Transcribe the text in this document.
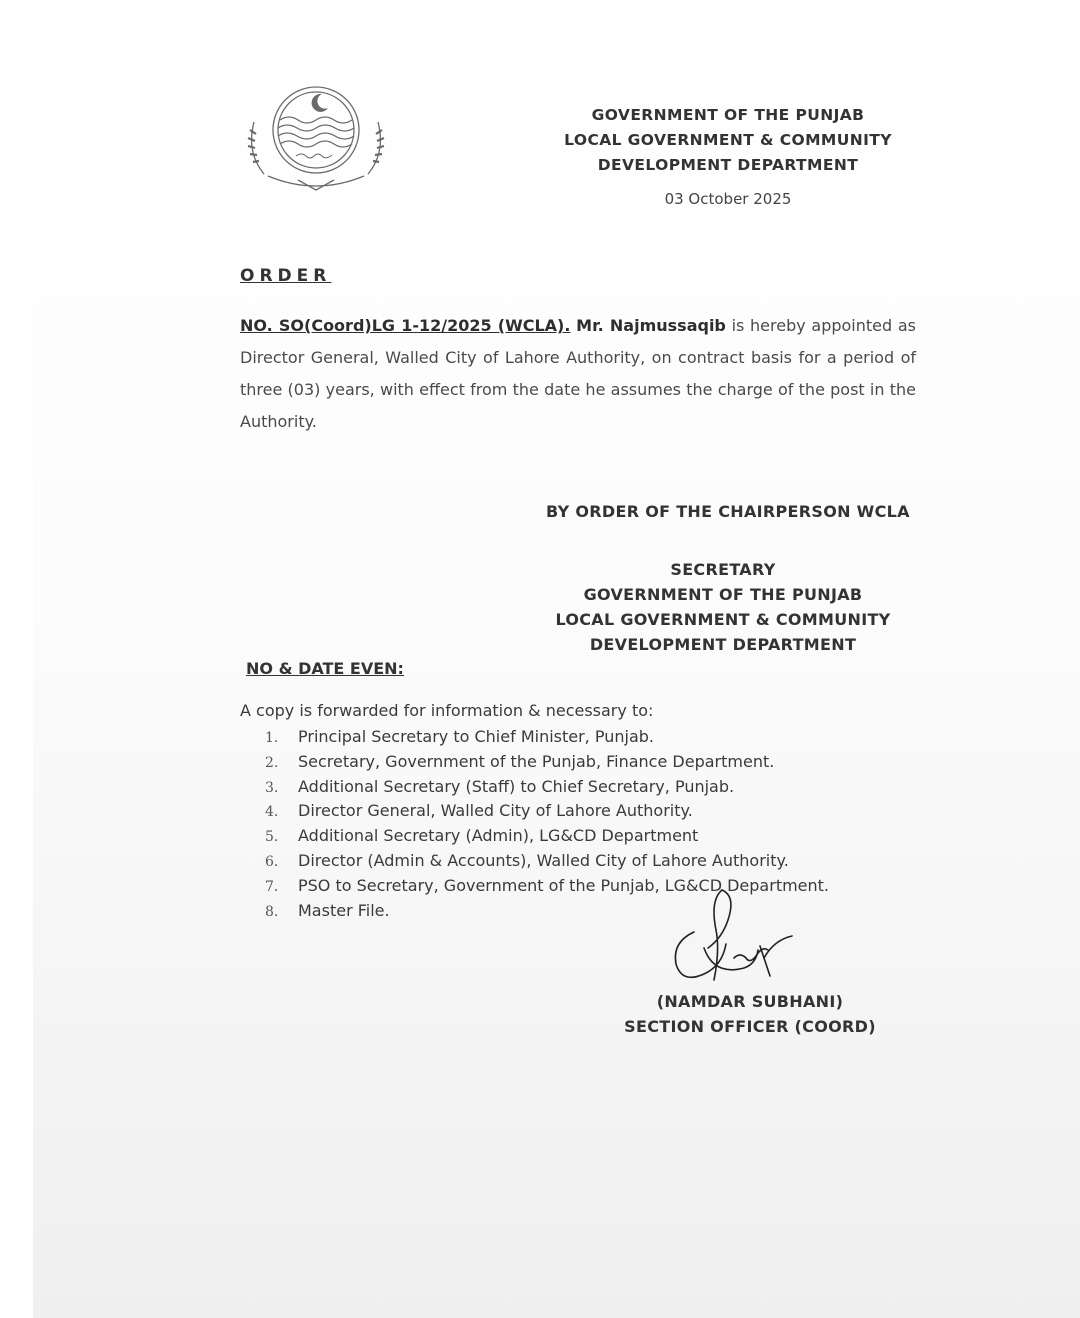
GOVERNMENT OF THE PUNJAB
LOCAL GOVERNMENT & COMMUNITY
DEVELOPMENT DEPARTMENT
03 October 2025
ORDER
NO. SO(Coord)LG 1-12/2025 (WCLA). Mr. Najmussaqib is hereby appointed as Director General, Walled City of Lahore Authority, on contract basis for a period of three (03) years, with effect from the date he assumes the charge of the post in the Authority.
BY ORDER OF THE CHAIRPERSON WCLA
SECRETARY
GOVERNMENT OF THE PUNJAB
LOCAL GOVERNMENT & COMMUNITY
DEVELOPMENT DEPARTMENT
NO & DATE EVEN:
A copy is forwarded for information & necessary to:
1. Principal Secretary to Chief Minister, Punjab.
2. Secretary, Government of the Punjab, Finance Department.
3. Additional Secretary (Staff) to Chief Secretary, Punjab.
4. Director General, Walled City of Lahore Authority.
5. Additional Secretary (Admin), LG&CD Department
6. Director (Admin & Accounts), Walled City of Lahore Authority.
7. PSO to Secretary, Government of the Punjab, LG&CD Department.
8. Master File.
(NAMDAR SUBHANI)
SECTION OFFICER (COORD)
